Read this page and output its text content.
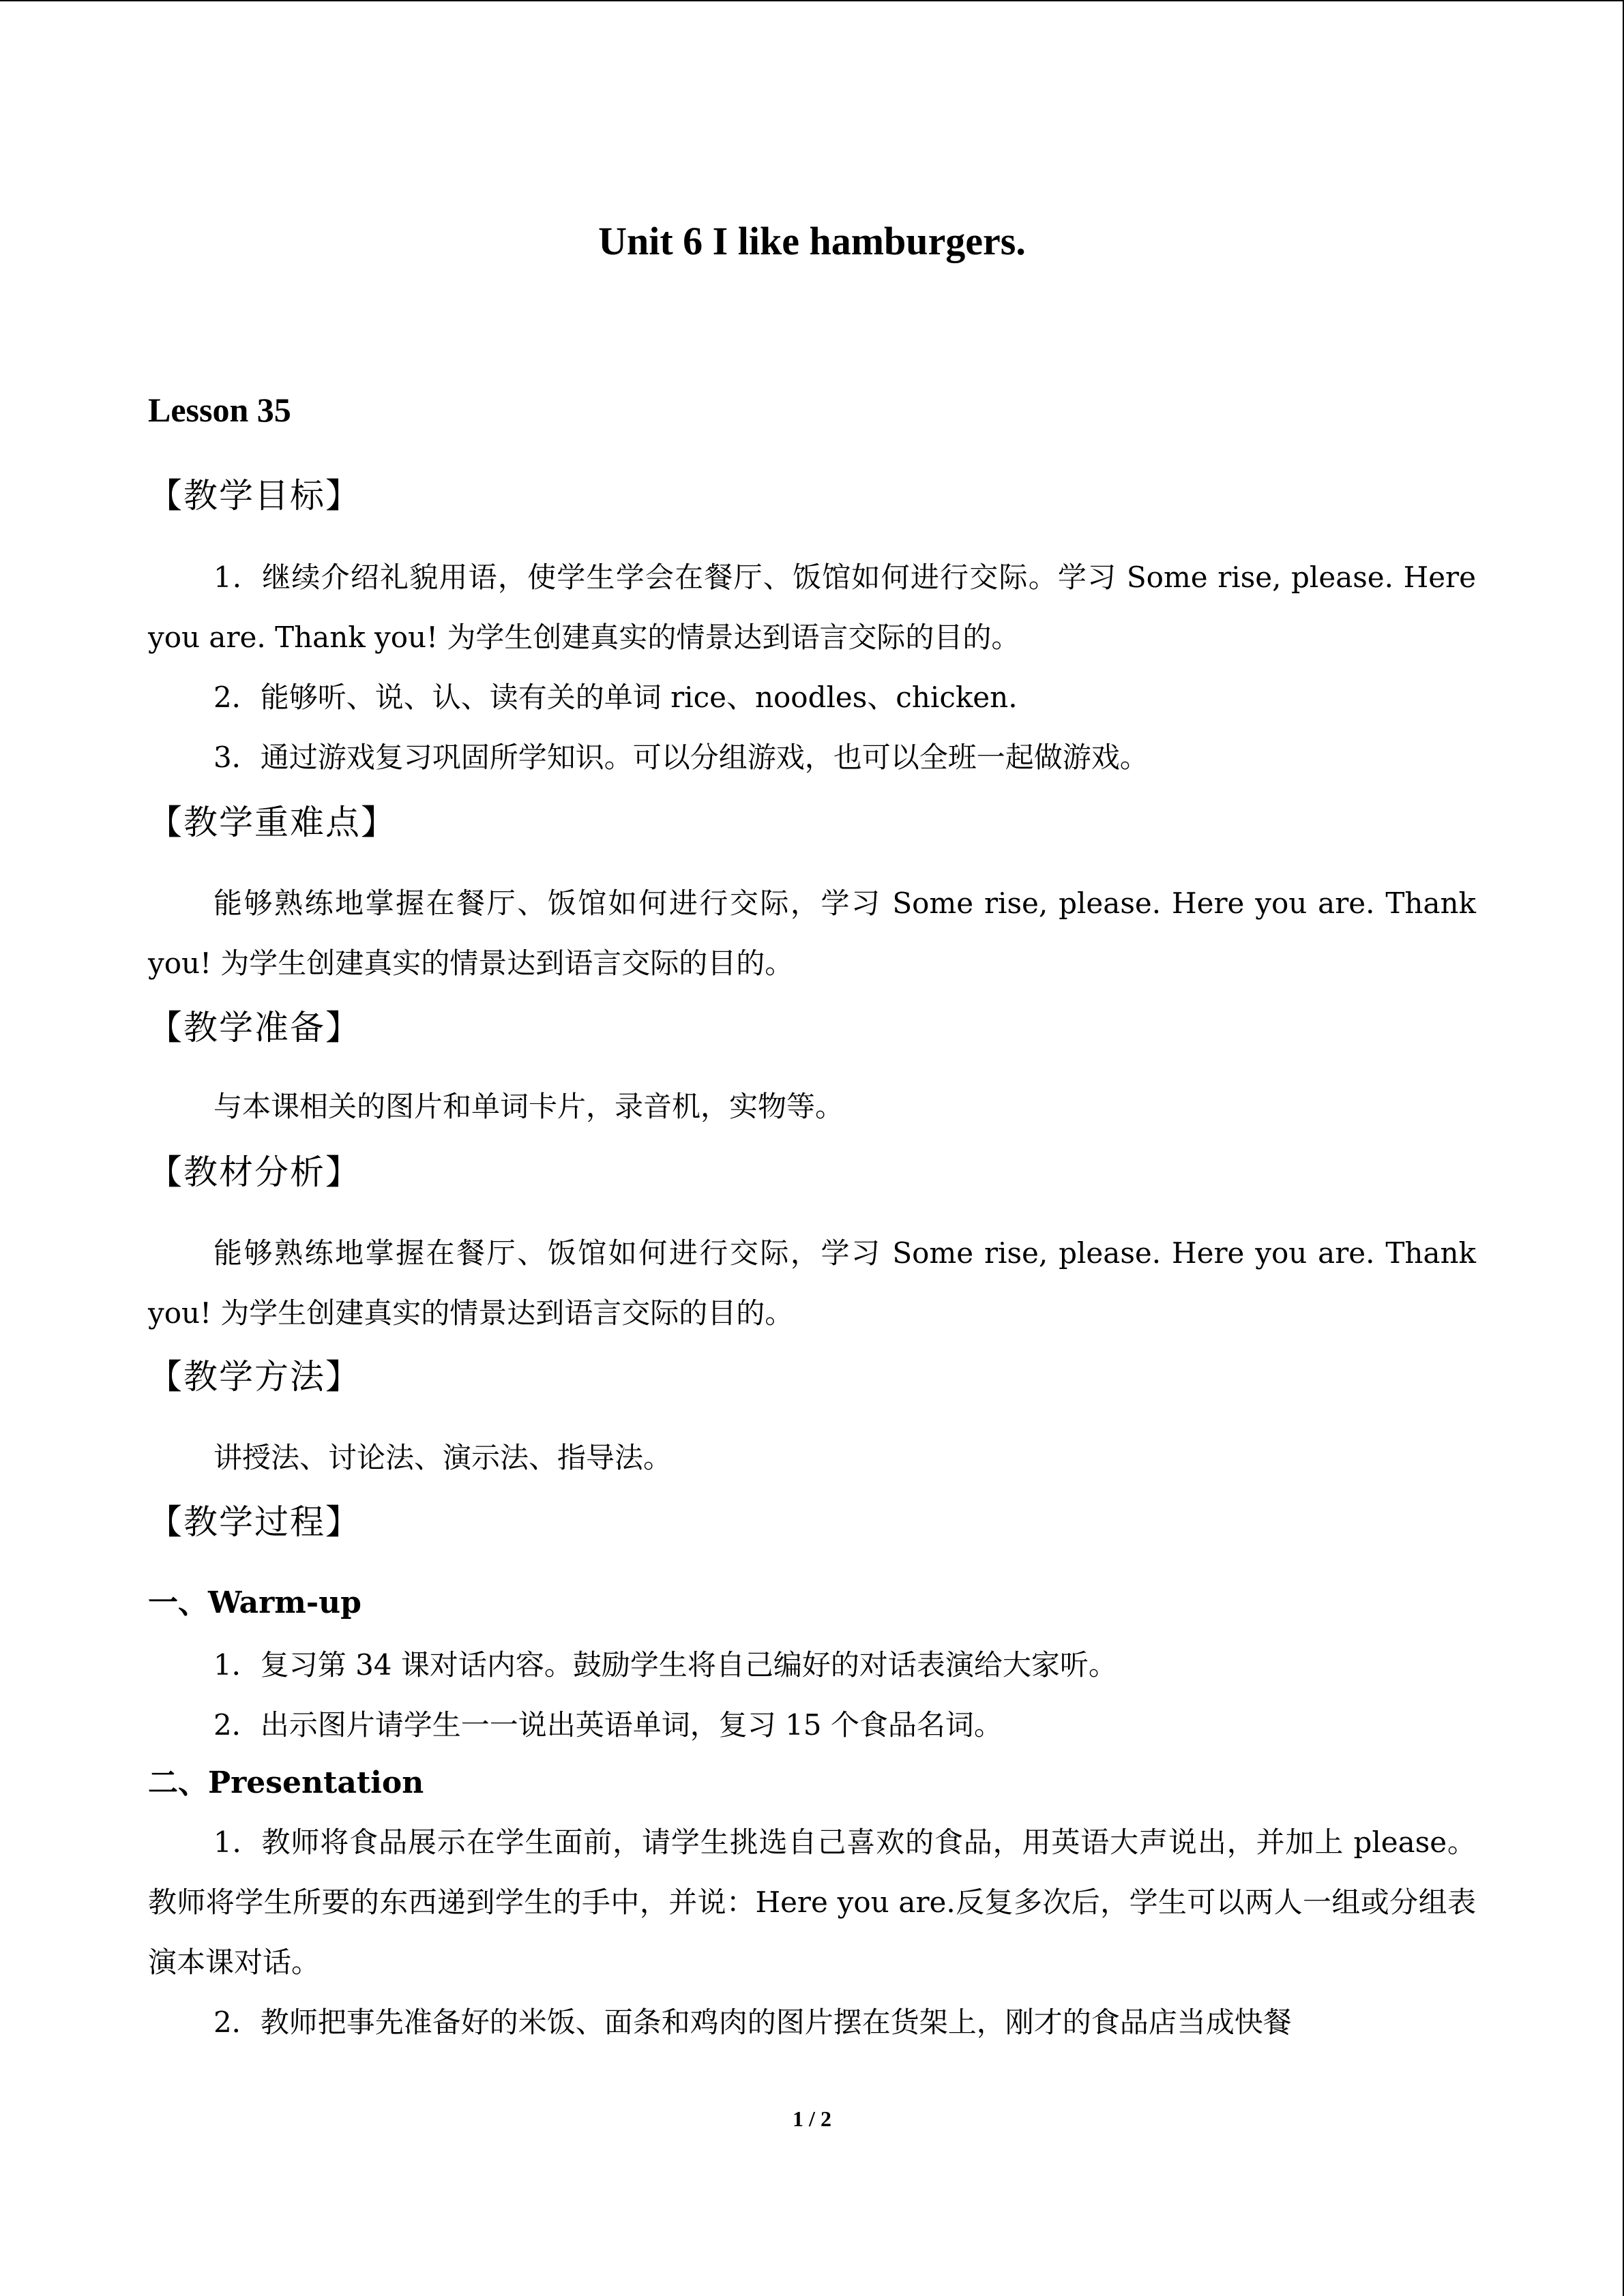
Unit 6 I like hamburgers.
Lesson 35
【教学目标】
1．继续介绍礼貌用语，使学生学会在餐厅、饭馆如何进行交际。学习 Some rise, please. Here you are. Thank you! 为学生创建真实的情景达到语言交际的目的。
2．能够听、说、认、读有关的单词 rice、noodles、chicken.
3．通过游戏复习巩固所学知识。可以分组游戏，也可以全班一起做游戏。
【教学重难点】
能够熟练地掌握在餐厅、饭馆如何进行交际，学习 Some rise, please. Here you are. Thank you! 为学生创建真实的情景达到语言交际的目的。
【教学准备】
与本课相关的图片和单词卡片，录音机，实物等。
【教材分析】
能够熟练地掌握在餐厅、饭馆如何进行交际，学习 Some rise, please. Here you are. Thank you! 为学生创建真实的情景达到语言交际的目的。
【教学方法】
讲授法、讨论法、演示法、指导法。
【教学过程】
一、Warm-up
1．复习第 34 课对话内容。鼓励学生将自己编好的对话表演给大家听。
2．出示图片请学生一一说出英语单词，复习 15 个食品名词。
二、Presentation
1．教师将食品展示在学生面前，请学生挑选自己喜欢的食品，用英语大声说出，并加上 please。教师将学生所要的东西递到学生的手中，并说：Here you are.反复多次后，学生可以两人一组或分组表演本课对话。
2．教师把事先准备好的米饭、面条和鸡肉的图片摆在货架上，刚才的食品店当成快餐
1 / 2
